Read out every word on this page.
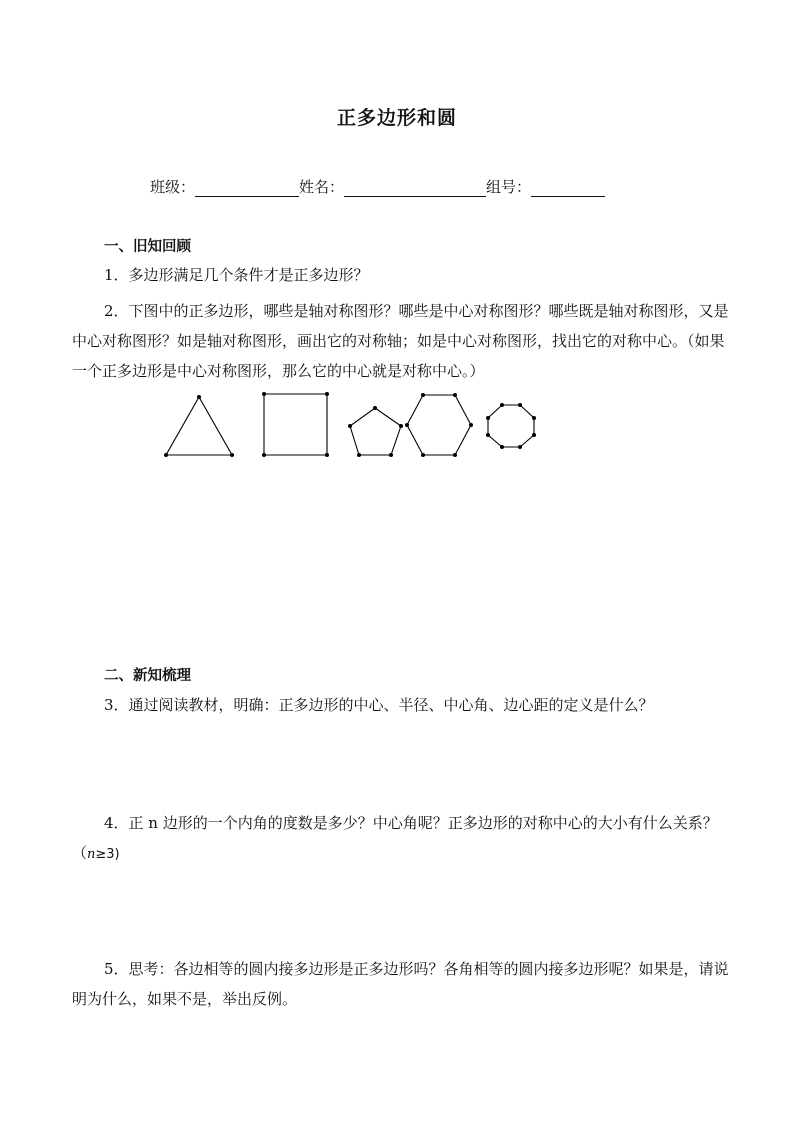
正多边形和圆
班级：	姓名：	组号：
一、旧知回顾
1．多边形满足几个条件才是正多边形？
2．下图中的正多边形，哪些是轴对称图形？哪些是中心对称图形？哪些既是轴对称图形，又是中心对称图形？如是轴对称图形，画出它的对称轴；如是中心对称图形，找出它的对称中心。（如果一个正多边形是中心对称图形，那么它的中心就是对称中心。）
二、新知梳理
3．通过阅读教材，明确：正多边形的中心、半径、中心角、边心距的定义是什么？
4．正 n 边形的一个内角的度数是多少？中心角呢？正多边形的对称中心的大小有什么关系？（n≥3)
5．思考：各边相等的圆内接多边形是正多边形吗？各角相等的圆内接多边形呢？如果是，请说明为什么，如果不是，举出反例。
